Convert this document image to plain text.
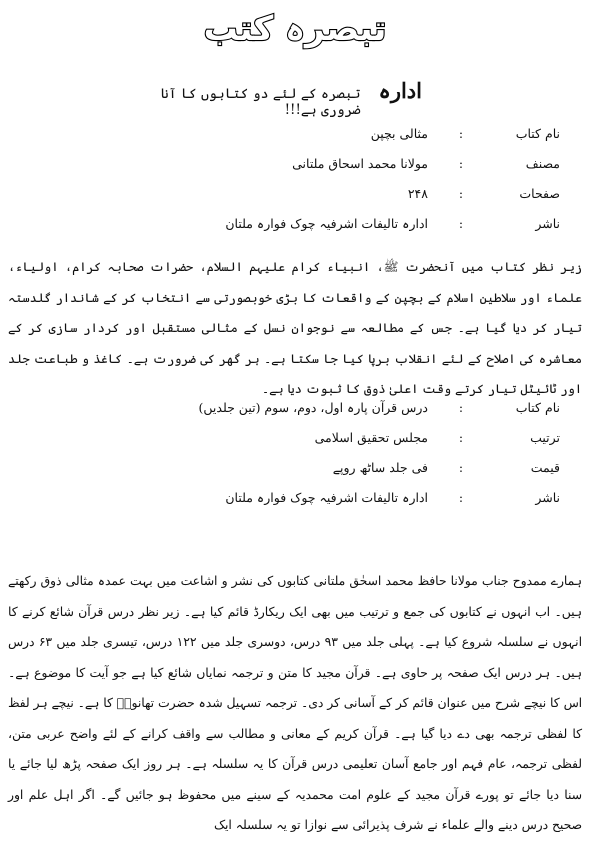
تبصرہ کتب
ادارہ
تبصرہ کے لئے دو کتابوں کا آنا ضروری ہے!!!
نام کتاب
:
مثالی بچپن
مصنف
:
مولانا محمد اسحاق ملتانی
صفحات
:
۲۴۸
ناشر
:
ادارہ تالیفات اشرفیہ چوک فوارہ ملتان

زیر نظر کتاب میں آنحضرت ﷺ، انبیاء کرام علیہم السلام، حضرات صحابہ کرام، اولیاء، علماء اور سلاطین اسلام کے بچپن کے واقعات کا بڑی خوبصورتی سے انتخاب کر کے شاندار گلدستہ تیار کر دیا گیا ہے۔ جس کے مطالعہ سے نوجوان نسل کے مثالی مستقبل اور کردار سازی کر کے معاشرہ کی اصلاح کے لئے انقلاب برپا کیا جا سکتا ہے۔ ہر گھر کی ضرورت ہے۔ کاغذ و طباعت جلد اور ٹائیٹل تیار کرتے وقت اعلیٰ ذوق کا ثبوت دیا ہے۔

نام کتاب
:
درس قرآن پارہ اول، دوم، سوم (تین جلدیں)
ترتیب
:
مجلس تحقیق اسلامی
قیمت
:
فی جلد ساٹھ روپے
ناشر
:
ادارہ تالیفات اشرفیہ چوک فوارہ ملتان

ہمارے ممدوح جناب مولانا حافظ محمد اسحٰق ملتانی کتابوں کی نشر و اشاعت میں بہت عمدہ مثالی ذوق رکھتے ہیں۔ اب انہوں نے کتابوں کی جمع و ترتیب میں بھی ایک ریکارڈ قائم کیا ہے۔ زیر نظر درس قرآن شائع کرنے کا انہوں نے سلسلہ شروع کیا ہے۔ پہلی جلد میں ۹۳ درس، دوسری جلد میں ۱۲۲ درس، تیسری جلد میں ۶۳ درس ہیں۔ ہر درس ایک صفحہ پر حاوی ہے۔ قرآن مجید کا متن و ترجمہ نمایاں شائع کیا ہے جو آیت کا موضوع ہے۔ اس کا نیچے شرح میں عنوان قائم کر کے آسانی کر دی۔ ترجمہ تسہیل شدہ حضرت تھانویؒ کا ہے۔ نیچے ہر لفظ کا لفظی ترجمہ بھی دے دیا گیا ہے۔ قرآن کریم کے معانی و مطالب سے واقف کرانے کے لئے واضح عربی متن، لفظی ترجمہ، عام فہم اور جامع آسان تعلیمی درس قرآن کا یہ سلسلہ ہے۔ ہر روز ایک صفحہ پڑھ لیا جائے یا سنا دیا جائے تو پورے قرآن مجید کے علوم امت محمدیہ کے سینے میں محفوظ ہو جائیں گے۔ اگر اہل علم اور صحیح درس دینے والے علماء نے شرف پذیرائی سے نوازا تو یہ سلسلہ ایک
